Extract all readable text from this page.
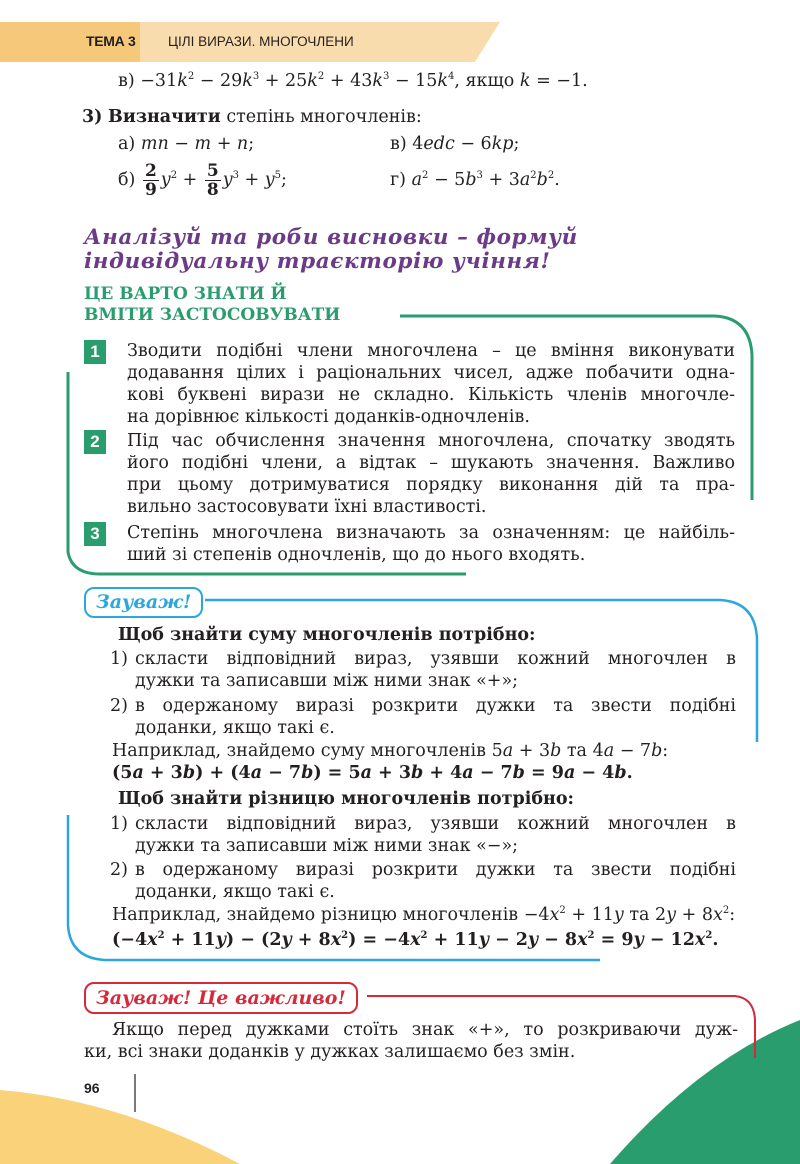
ТЕМА 3 ЦІЛІ ВИРАЗИ. МНОГОЧЛЕНИ
$в) -31k^2 - 29k^3 + 25k^2 + 43k^3 - 15k^4$, якщо k = −1.
3) Визначити степінь многочленів:
а) mn − m + n;	в) 4edc − 6kp;
$б) \frac{2}{9} y^2 + \frac{5}{8} y^3 + y^5$;	г) $a^2 - 5b^3 + 3a^2b^2$.
Аналізуй та роби висновки – формуй індивідуальну траєкторію учіння!
ЦЕ ВАРТО ЗНАТИ Й
ВМІТИ ЗАСТОСОВУВАТИ
1	Зводити подібні члени многочлена – це вміння виконувати
додавання цілих і раціональних чисел, адже побачити одна-
кові буквені вирази не складно. Кількість членів многочле-
на дорівнює кількості доданків-одночленів.
2	Під час обчислення значення многочлена, спочатку зводять
його подібні члени, а відтак – шукають значення. Важливо
при цьому дотримуватися порядку виконання дій та пра-
вильно застосовувати їхні властивості.
3	Степінь многочлена визначають за означенням: це найбіль-
ший зі степенів одночленів, що до нього входять.
Зауваж!
Щоб знайти суму многочленів потрібно:
1) скласти відповідний вираз, узявши кожний многочлен в
дужки та записавши між ними знак «+»;
2) в одержаному виразі розкрити дужки та звести подібні
доданки, якщо такі є.
Наприклад, знайдемо суму многочленів 5a + 3b та 4a − 7b:
(5a + 3b) + (4a − 7b) = 5a + 3b + 4a − 7b = 9a − 4b.
Щоб знайти різницю многочленів потрібно:
1) скласти відповідний вираз, узявши кожний многочлен в
дужки та записавши між ними знак «−»;
2) в одержаному виразі розкрити дужки та звести подібні
доданки, якщо такі є.
Наприклад, знайдемо різницю многочленів $-4x^2 + 11y$ та $2y + 8x^2$:
$(-4x^2 + 11y) - (2y + 8x^2) = -4x^2 + 11y - 2y - 8x^2 = 9y - 12x^2$.
Зауваж! Це важливо!
Якщо перед дужками стоїть знак «+», то розкриваючи дуж-
ки, всі знаки доданків у дужках залишаємо без змін.
96
